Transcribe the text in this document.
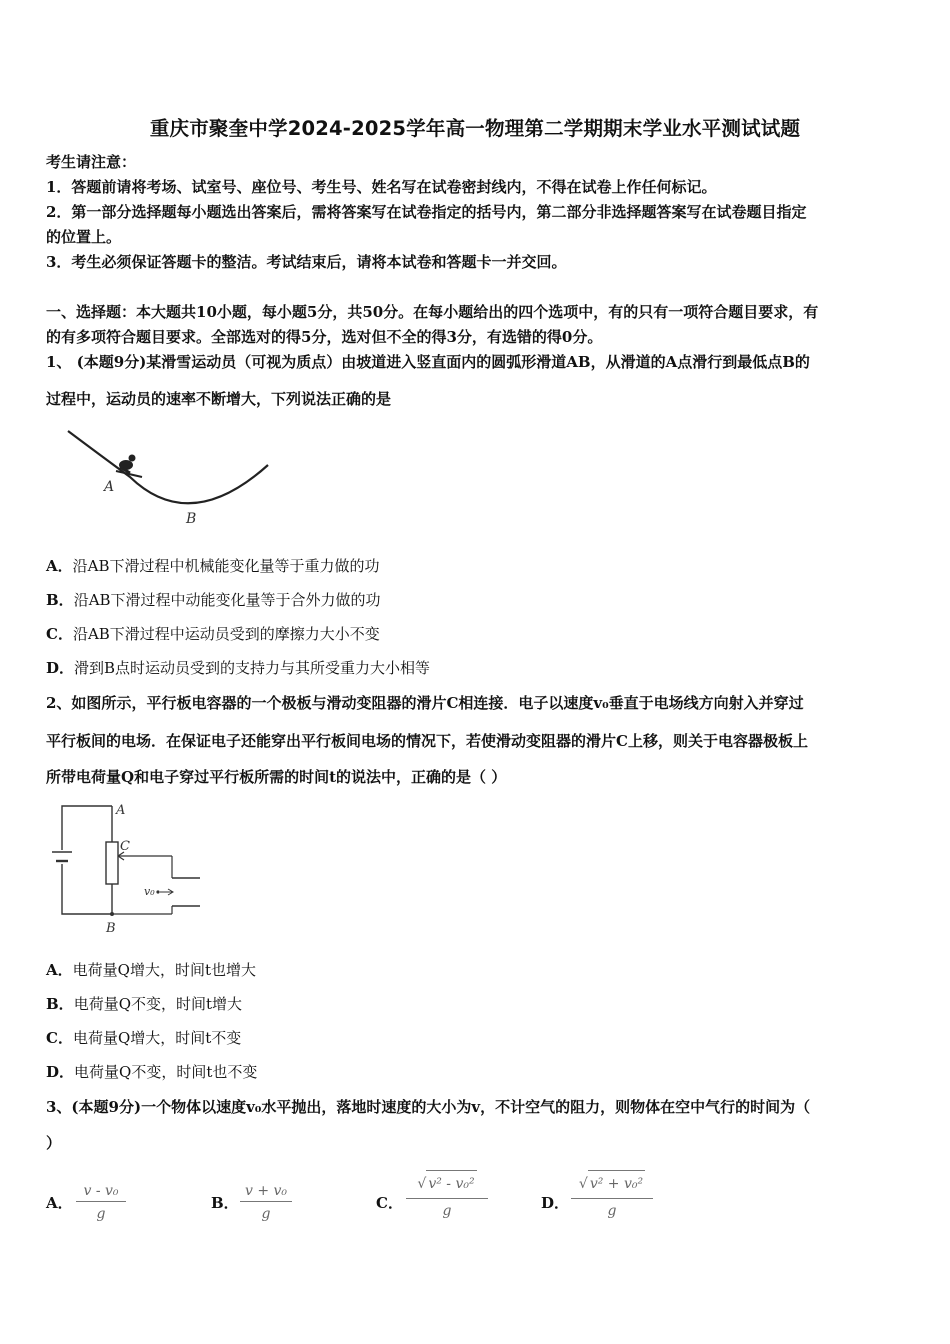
重庆市聚奎中学2024-2025学年高一物理第二学期期末学业水平测试试题
考生请注意：
1．答题前请将考场、试室号、座位号、考生号、姓名写在试卷密封线内，不得在试卷上作任何标记。
2．第一部分选择题每小题选出答案后，需将答案写在试卷指定的括号内，第二部分非选择题答案写在试卷题目指定
的位置上。
3．考生必须保证答题卡的整洁。考试结束后，请将本试卷和答题卡一并交回。
一、选择题：本大题共10小题，每小题5分，共50分。在每小题给出的四个选项中，有的只有一项符合题目要求，有
的有多项符合题目要求。全部选对的得5分，选对但不全的得3分，有选错的得0分。
1、 (本题9分)某滑雪运动员（可视为质点）由坡道进入竖直面内的圆弧形滑道AB，从滑道的A点滑行到最低点B的
过程中，运动员的速率不断增大，下列说法正确的是
A
B
A．沿AB下滑过程中机械能变化量等于重力做的功
B．沿AB下滑过程中动能变化量等于合外力做的功
C．沿AB下滑过程中运动员受到的摩擦力大小不变
D．滑到B点时运动员受到的支持力与其所受重力大小相等
2、如图所示，平行板电容器的一个极板与滑动变阻器的滑片C相连接．电子以速度v₀垂直于电场线方向射入并穿过
平行板间的电场．在保证电子还能穿出平行板间电场的情况下，若使滑动变阻器的滑片C上移，则关于电容器极板上
所带电荷量Q和电子穿过平行板所需的时间t的说法中，正确的是（ ）
v₀
A
C
B
A．电荷量Q增大，时间t也增大
B．电荷量Q不变，时间t增大
C．电荷量Q增大，时间t不变
D．电荷量Q不变，时间t也不变
3、(本题9分)一个物体以速度v₀水平抛出，落地时速度的大小为v，不计空气的阻力，则物体在空中气行的时间为（
）
A．
v - v₀
g
B．
v + v₀
g
C．
√ v² - v₀²
g	D．
√ v² + v₀²
g
